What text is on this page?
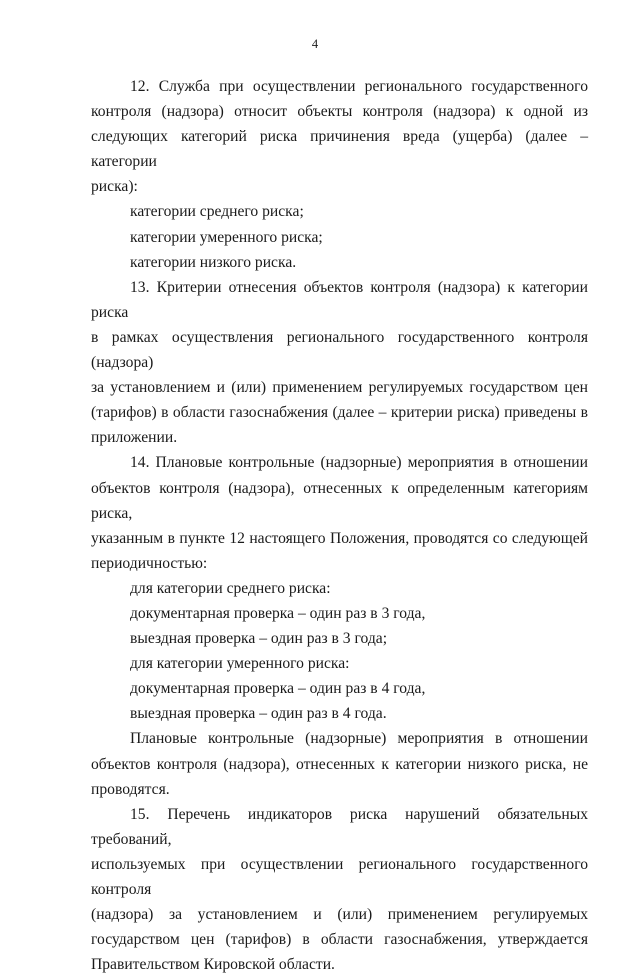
4
12. Служба при осуществлении регионального государственного
контроля (надзора) относит объекты контроля (надзора) к одной из
следующих категорий риска причинения вреда (ущерба) (далее – категории
риска):
категории среднего риска;
категории умеренного риска;
категории низкого риска.
13. Критерии отнесения объектов контроля (надзора) к категории риска
в рамках осуществления регионального государственного контроля (надзора)
за установлением и (или) применением регулируемых государством цен
(тарифов) в области газоснабжения (далее – критерии риска) приведены в
приложении.
14. Плановые контрольные (надзорные) мероприятия в отношении
объектов контроля (надзора), отнесенных к определенным категориям риска,
указанным в пункте 12 настоящего Положения, проводятся со следующей
периодичностью:
для категории среднего риска:
документарная проверка – один раз в 3 года,
выездная проверка – один раз в 3 года;
для категории умеренного риска:
документарная проверка – один раз в 4 года,
выездная проверка – один раз в 4 года.
Плановые контрольные (надзорные) мероприятия в отношении
объектов контроля (надзора), отнесенных к категории низкого риска, не
проводятся.
15. Перечень индикаторов риска нарушений обязательных требований,
используемых при осуществлении регионального государственного контроля
(надзора) за установлением и (или) применением регулируемых
государством цен (тарифов) в области газоснабжения, утверждается
Правительством Кировской области.
